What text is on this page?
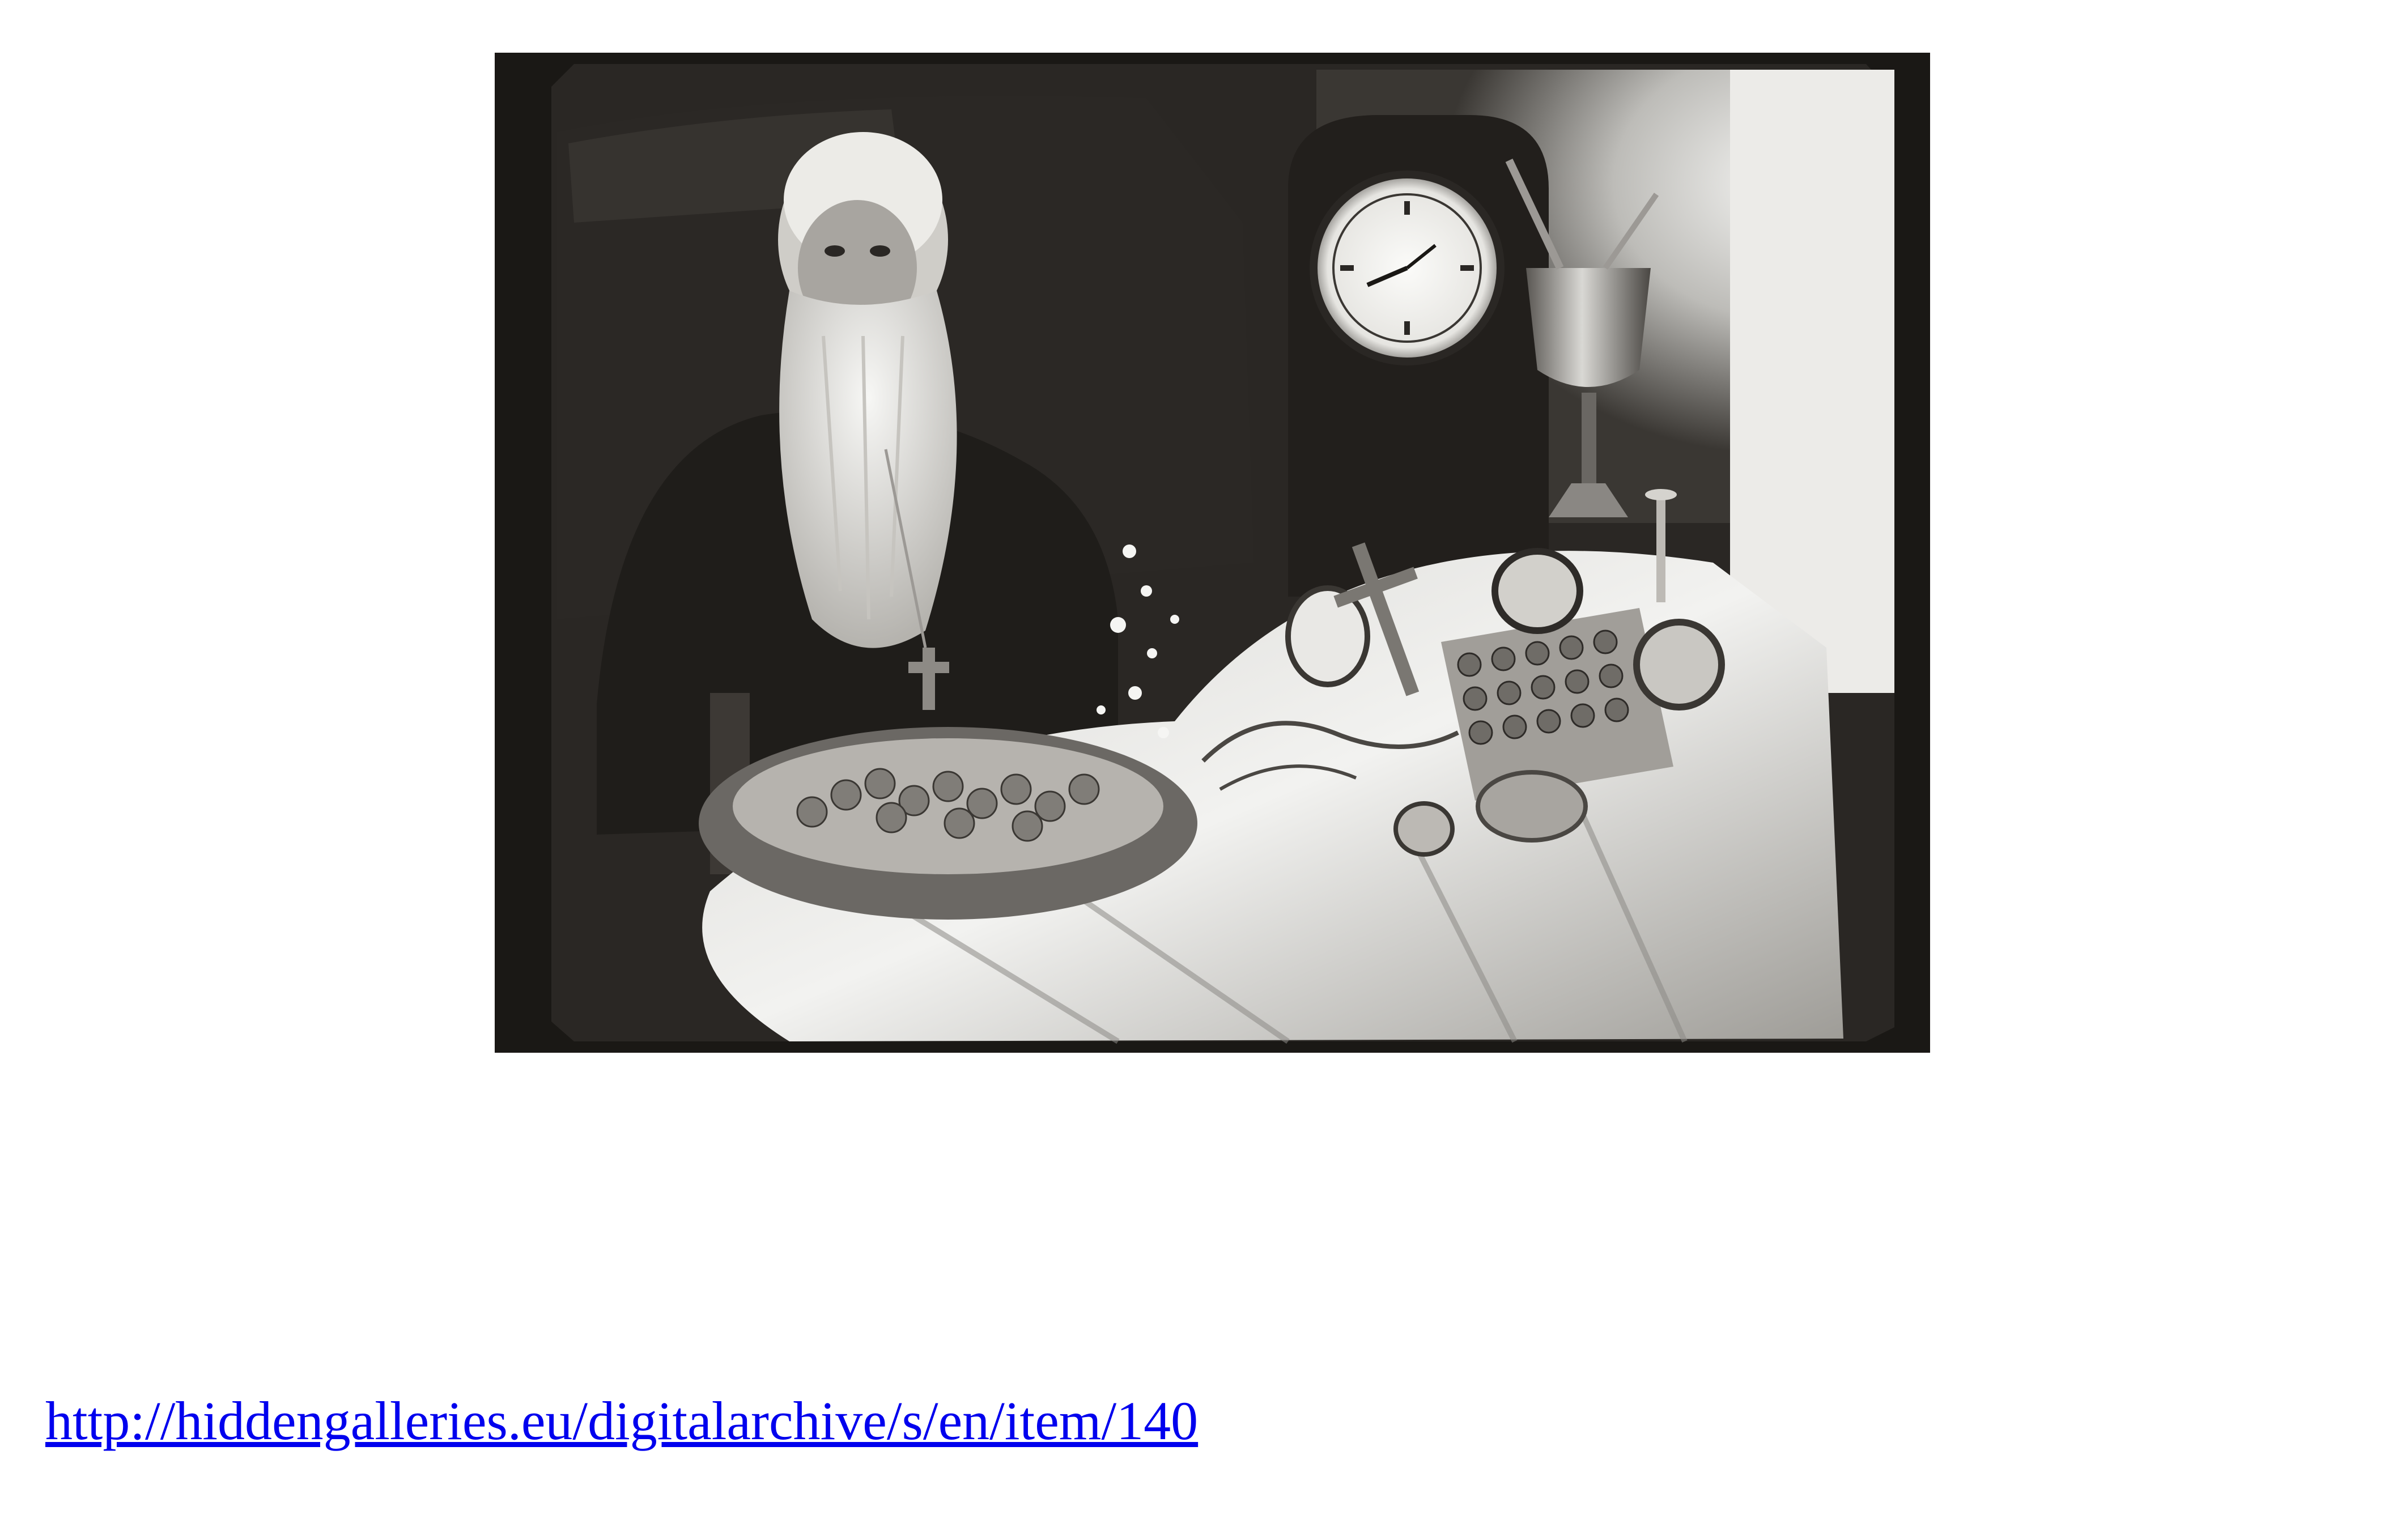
http://hiddengalleries.eu/digitalarchive/s/en/item/140
